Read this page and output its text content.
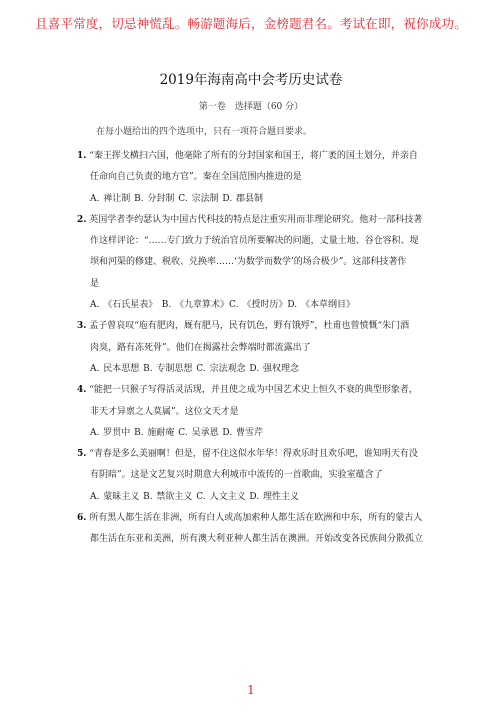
且喜平常度，切忌神慌乱。畅游题海后，金榜题君名。考试在即，祝你成功。
2019年海南高中会考历史试卷
第一卷　选择题（60 分）
在每小题给出的四个选项中，只有一项符合题目要求。
1. “秦王挥戈横扫六国，他毫除了所有的分封国家和国王，将广袤的国土划分，并亲自
任命向自己负责的地方官”。秦在全国范围内推进的是
A. 禅让制 B. 分封制 C. 宗法制 D. 郡县制
2. 英国学者李约瑟认为中国古代科技的特点是注重实用而非理论研究。他对一部科技著
作这样评论：“……专门致力于统治官员所要解决的问题，丈量土地、谷仓容积、堤
坝和河渠的修建、税收、兑换率……‘为数学而数学’的场合极少”。这部科技著作
是
A. 《石氏星表》　B. 《九章算术》C. 《授时历》D. 《本草纲目》
3. 孟子曾哀叹“庖有肥肉，厩有肥马，民有饥色，野有饿殍”，杜甫也曾愤慨“朱门酒
肉臭，路有冻死骨”。他们在揭露社会弊端时都流露出了
A. 民本思想 B. 专制思想 C. 宗法观念 D. 强权理念
4. “能把一只猴子写得活灵活现，并且使之成为中国艺术史上恒久不衰的典型形象者，
非天才异禀之人莫属”。这位文天才是
A. 罗贯中 B. 施耐庵 C. 吴承恩 D. 曹雪芹
5. “青春是多么美丽啊！但是，留不住这似水年华！得欢乐时且欢乐吧，谁知明天有没
有阴暗”。这是文艺复兴时期意大利城市中流传的一首歌曲，实验室蕴含了
A. 蒙昧主义 B. 禁欲主义 C. 人文主义 D. 理性主义
6. 所有黑人都生活在非洲，所有白人或高加索种人都生活在欧洲和中东，所有的蒙古人
都生活在东亚和美洲，所有澳大利亚种人都生活在澳洲。开始改变各民族间分散孤立
1
